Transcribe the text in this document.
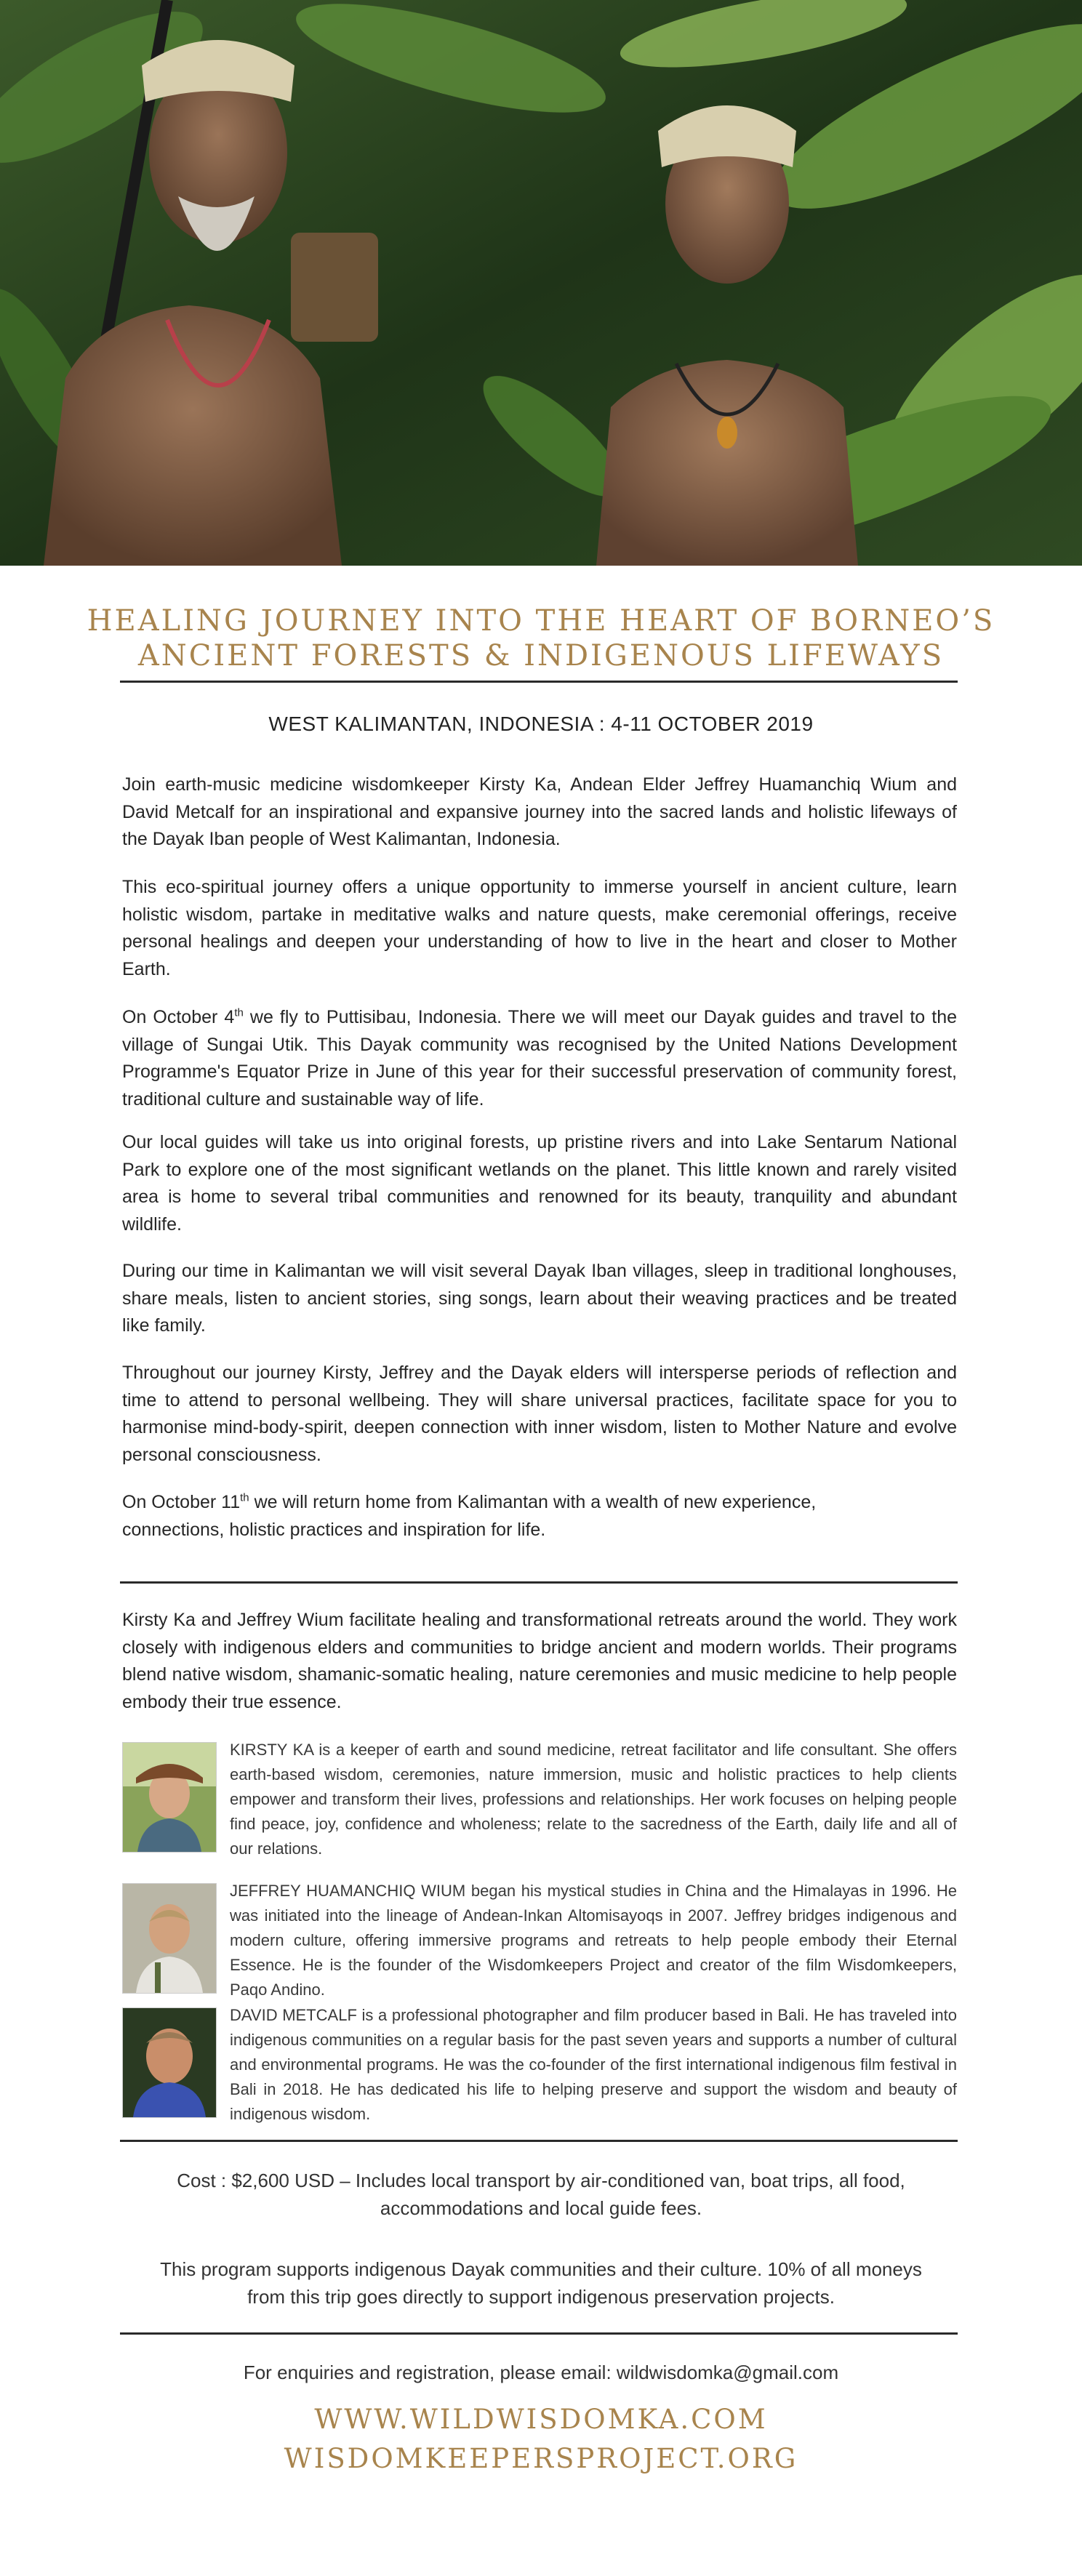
HEALING JOURNEY INTO THE HEART OF BORNEO’S
ANCIENT FORESTS & INDIGENOUS LIFEWAYS
WEST KALIMANTAN, INDONESIA : 4-11 OCTOBER 2019
Join earth-music medicine wisdomkeeper Kirsty Ka, Andean Elder Jeffrey Huamanchiq Wium and David Metcalf for an inspirational and expansive journey into the sacred lands and holistic lifeways of the Dayak Iban people of West Kalimantan, Indonesia.
This eco-spiritual journey offers a unique opportunity to immerse yourself in ancient culture, learn holistic wisdom, partake in meditative walks and nature quests, make ceremonial offerings, receive personal healings and deepen your understanding of how to live in the heart and closer to Mother Earth.
On October 4th we fly to Puttisibau, Indonesia. There we will meet our Dayak guides and travel to the village of Sungai Utik. This Dayak community was recognised by the United Nations Development Programme's Equator Prize in June of this year for their successful preservation of community forest, traditional culture and sustainable way of life.
Our local guides will take us into original forests, up pristine rivers and into Lake Sentarum National Park to explore one of the most significant wetlands on the planet. This little known and rarely visited area is home to several tribal communities and renowned for its beauty, tranquility and abundant wildlife.
During our time in Kalimantan we will visit several Dayak Iban villages, sleep in traditional longhouses, share meals, listen to ancient stories, sing songs, learn about their weaving practices and be treated like family.
Throughout our journey Kirsty, Jeffrey and the Dayak elders will intersperse periods of reflection and time to attend to personal wellbeing. They will share universal practices, facilitate space for you to harmonise mind-body-spirit, deepen connection with inner wisdom, listen to Mother Nature and evolve personal consciousness.
On October 11th we will return home from Kalimantan with a wealth of new experience,
connections, holistic practices and inspiration for life.
Kirsty Ka and Jeffrey Wium facilitate healing and transformational retreats around the world. They work closely with indigenous elders and communities to bridge ancient and modern worlds. Their programs blend native wisdom, shamanic-somatic healing, nature ceremonies and music medicine to help people embody their true essence.
KIRSTY KA is a keeper of earth and sound medicine, retreat facilitator and life consultant. She offers earth-based wisdom, ceremonies, nature immersion, music and holistic practices to help clients empower and transform their lives, professions and relationships. Her work focuses on helping people find peace, joy, confidence and wholeness; relate to the sacredness of the Earth, daily life and all of our relations.
JEFFREY HUAMANCHIQ WIUM began his mystical studies in China and the Himalayas in 1996. He was initiated into the lineage of Andean-Inkan Altomisayoqs in 2007. Jeffrey bridges indigenous and modern culture, offering immersive programs and retreats to help people embody their Eternal Essence. He is the founder of the Wisdomkeepers Project and creator of the film Wisdomkeepers, Paqo Andino.
DAVID METCALF is a professional photographer and film producer based in Bali. He has traveled into indigenous communities on a regular basis for the past seven years and supports a number of cultural and environmental programs. He was the co-founder of the first international indigenous film festival in Bali in 2018. He has dedicated his life to helping preserve and support the wisdom and beauty of indigenous wisdom.
Cost : $2,600 USD – Includes local transport by air-conditioned van, boat trips, all food,
accommodations and local guide fees.
This program supports indigenous Dayak communities and their culture. 10% of all moneys
from this trip goes directly to support indigenous preservation projects.
For enquiries and registration, please email: wildwisdomka@gmail.com
WWW.WILDWISDOMKA.COM
WISDOMKEEPERSPROJECT.ORG
